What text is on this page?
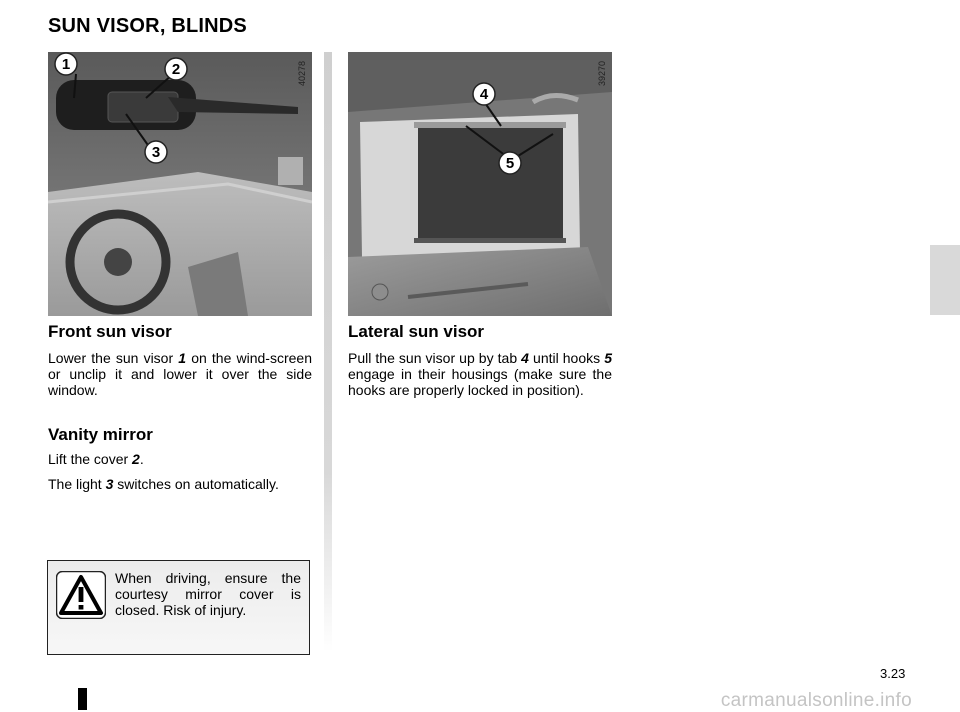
SUN VISOR, BLINDS
1	2
3
40278
4
5
39270
Front sun visor
Lower the sun visor 1 on the wind-screen or unclip it and lower it over the side window.
Vanity mirror
Lift the cover 2.
The light 3 switches on automatically.
When driving, ensure the courtesy mirror cover is closed. Risk of injury.
Lateral sun visor
Pull the sun visor up by tab 4 until hooks 5 engage in their housings (make sure the hooks are properly locked in position).
3.23
carmanualsonline.info
